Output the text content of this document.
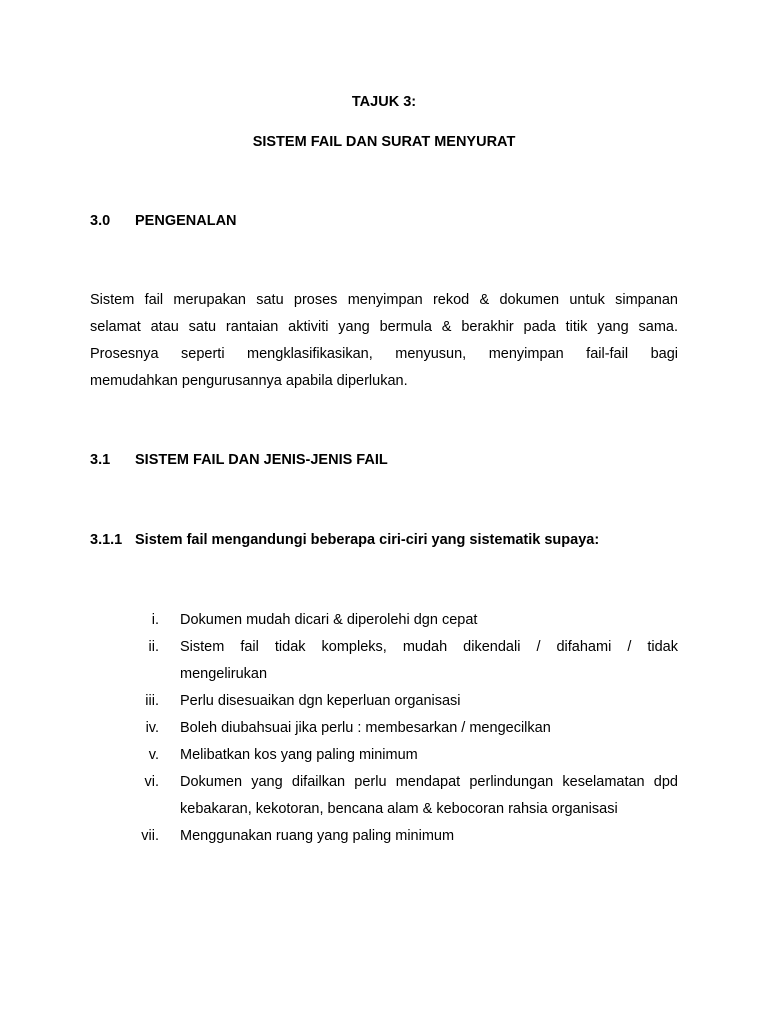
TAJUK 3:
SISTEM FAIL DAN SURAT MENYURAT
3.0 PENGENALAN
Sistem fail merupakan satu proses menyimpan rekod & dokumen untuk simpanan
selamat atau satu rantaian aktiviti yang bermula & berakhir pada titik yang sama.
Prosesnya seperti mengklasifikasikan, menyusun, menyimpan fail-fail bagi
memudahkan pengurusannya apabila diperlukan.
3.1 SISTEM FAIL DAN JENIS-JENIS FAIL
3.1.1 Sistem fail mengandungi beberapa ciri-ciri yang sistematik supaya:
i. Dokumen mudah dicari & diperolehi dgn cepat
ii. Sistem fail tidak kompleks, mudah dikendali / difahami / tidak
mengelirukan
iii. Perlu disesuaikan dgn keperluan organisasi
iv. Boleh diubahsuai jika perlu : membesarkan / mengecilkan
v. Melibatkan kos yang paling minimum
vi. Dokumen yang difailkan perlu mendapat perlindungan keselamatan dpd
kebakaran, kekotoran, bencana alam & kebocoran rahsia organisasi
vii. Menggunakan ruang yang paling minimum
